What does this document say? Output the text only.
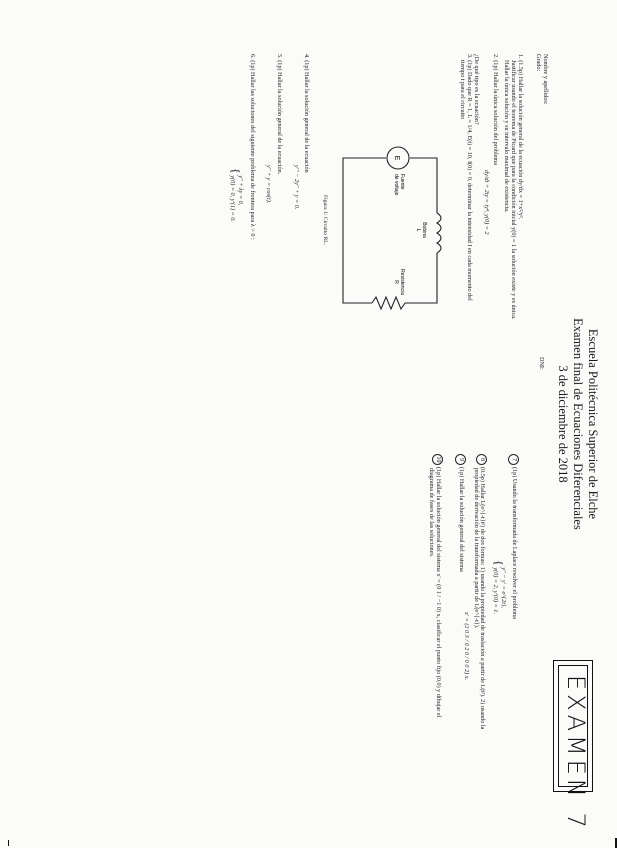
Escuela Politécnica Superior de Elche
Examen final de Ecuaciones Diferenciales
3 de diciembre de 2018
Nombre y apellidos:
Grado:
DNI:
EXAMEN 7
1. (1.5p) Hallar la solución general de la ecuación dy/dx = 1+x²/y².
Justificar usando el teorema de Picard que para la condición inicial y(0) = 1 la solución existe y es única.
Hallar la única solución y su intervalo maximal de existencia.
2. (1p) Hallar la única solución del problema
dy/dt + 2ty = ty⁴, y(0) = 2
¿De qué tipo es la ecuación?
3. (1p) Dado que R = 1, L = 1/4, E(t) = 10, I(0) = 0, determinar la intensidad I en cada momento del
tiempo t para el circuito
E
Fuente
de voltaje
Bobina
L
Resistencia
R
Figura 1: Circuito RL.
4. (1p) Hallar la solución general de la ecuación
y''' − 2y'' + y = 0.
5. (1p) Hallar la solución general de la ecuación.
y'' + y = cos(t).
6. (1p) Hallar las soluciones del siguiente problema de frontera para λ > 0 :
{ y'' + λy = 0,
y(0) = 0, y'(1) = 0.
7(1p) Usando la transformada de Laplace resolver el problema
{ y'' − y' = e^{2t},
y(0) = 2, y'(0) = 1.
8(0.5p) Hallar L(e^{-t}t²) de dos formas: 1) usando la propiedad de traslación a partir de L(t²). 2) usando la
propiedad de derivación de la transformada a partir de L(e^{-t}).
9(1p) Hallar la solución general del sistema
x' = (2 0 3 / 0 2 0 / 0 0 2) x.
10(1p) Hallar la solución general del sistema x' = (0 1 / −1 0) x, clasificar el punto fijo (0,0) y dibujar el
diagrama de fases de las soluciones.
